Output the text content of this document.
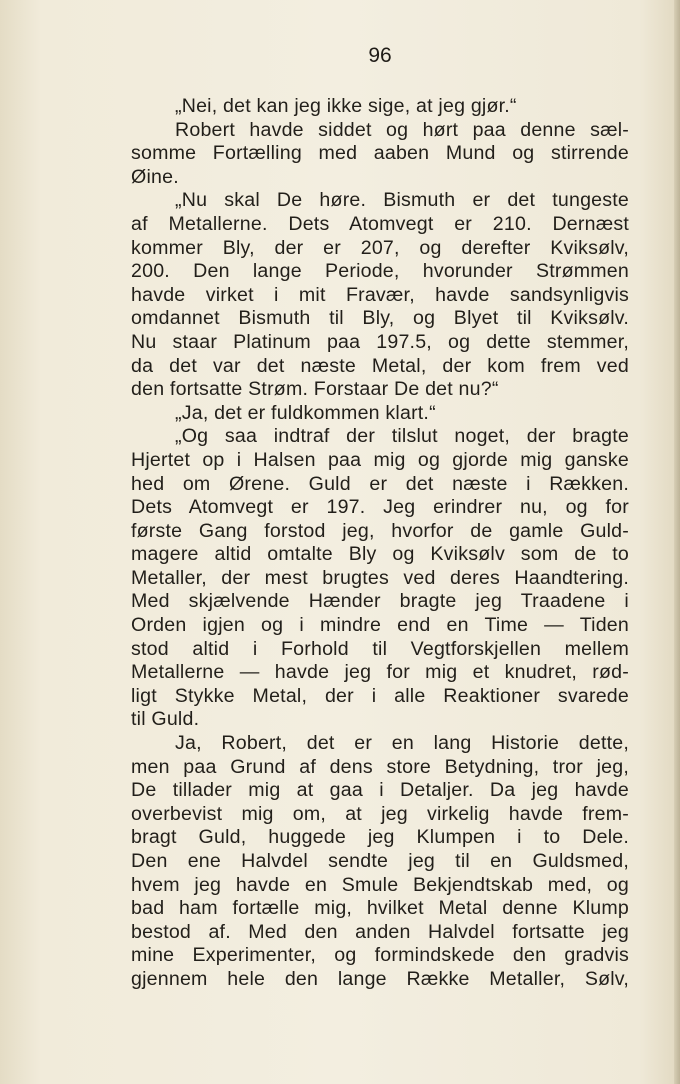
96
„Nei, det kan jeg ikke sige, at jeg gjør.“
Robert havde siddet og hørt paa denne sæl-
somme Fortælling med aaben Mund og stirrende
Øine.
„Nu skal De høre. Bismuth er det tungeste
af Metallerne. Dets Atomvegt er 210. Dernæst
kommer Bly, der er 207, og derefter Kviksølv,
200. Den lange Periode, hvorunder Strømmen
havde virket i mit Fravær, havde sandsynligvis
omdannet Bismuth til Bly, og Blyet til Kviksølv.
Nu staar Platinum paa 197.5, og dette stemmer,
da det var det næste Metal, der kom frem ved
den fortsatte Strøm. Forstaar De det nu?“
„Ja, det er fuldkommen klart.“
„Og saa indtraf der tilslut noget, der bragte
Hjertet op i Halsen paa mig og gjorde mig ganske
hed om Ørene. Guld er det næste i Rækken.
Dets Atomvegt er 197. Jeg erindrer nu, og for
første Gang forstod jeg, hvorfor de gamle Guld-
magere altid omtalte Bly og Kviksølv som de to
Metaller, der mest brugtes ved deres Haandtering.
Med skjælvende Hænder bragte jeg Traadene i
Orden igjen og i mindre end en Time — Tiden
stod altid i Forhold til Vegtforskjellen mellem
Metallerne — havde jeg for mig et knudret, rød-
ligt Stykke Metal, der i alle Reaktioner svarede
til Guld.
Ja, Robert, det er en lang Historie dette,
men paa Grund af dens store Betydning, tror jeg,
De tillader mig at gaa i Detaljer. Da jeg havde
overbevist mig om, at jeg virkelig havde frem-
bragt Guld, huggede jeg Klumpen i to Dele.
Den ene Halvdel sendte jeg til en Guldsmed,
hvem jeg havde en Smule Bekjendtskab med, og
bad ham fortælle mig, hvilket Metal denne Klump
bestod af. Med den anden Halvdel fortsatte jeg
mine Experimenter, og formindskede den gradvis
gjennem hele den lange Række Metaller, Sølv,
